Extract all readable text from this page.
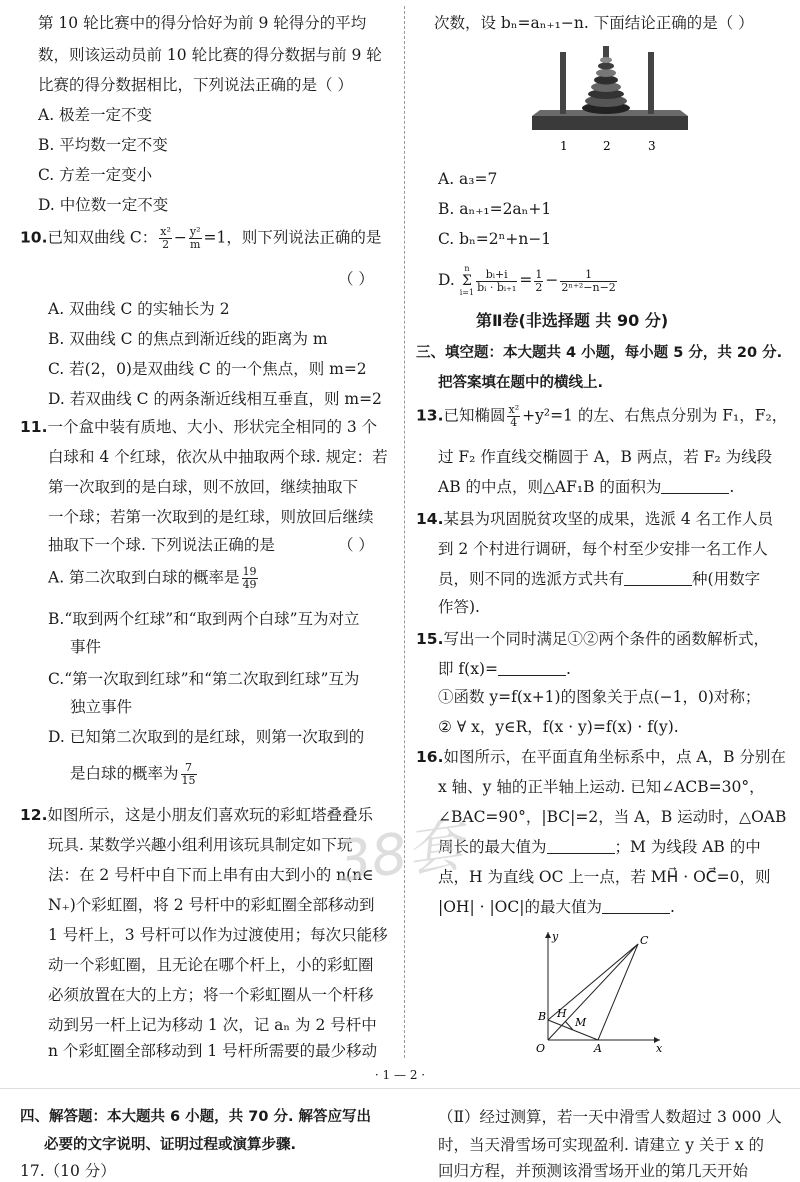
第 10 轮比赛中的得分恰好为前 9 轮得分的平均
数，则该运动员前 10 轮比赛的得分数据与前 9 轮
比赛的得分数据相比，下列说法正确的是（ ）
A. 极差一定不变
B. 平均数一定不变
C. 方差一定变小
D. 中位数一定不变
10.已知双曲线 C： $\frac{\text{x²}}{2} - \frac{\text{y²}}{m} =1$，则下列说法正确的是
（ ）
A. 双曲线 C 的实轴长为 2
B. 双曲线 C 的焦点到渐近线的距离为 m
C. 若(2，0)是双曲线 C 的一个焦点，则 m=2
D. 若双曲线 C 的两条渐近线相互垂直，则 m=2
11.一个盒中装有质地、大小、形状完全相同的 3 个
白球和 4 个红球，依次从中抽取两个球. 规定：若
第一次取到的是白球，则不放回，继续抽取下
一个球；若第一次取到的是红球，则放回后继续
抽取下一个球. 下列说法正确的是	（ ）
A. 第二次取到白球的概率是 $\frac{19}{49}$
B.“取到两个红球”和“取到两个白球”互为对立
事件
C.“第一次取到红球”和“第二次取到红球”互为
独立事件
D. 已知第二次取到的是红球，则第一次取到的
是白球的概率为 $\frac{7}{15}$
12.如图所示，这是小朋友们喜欢玩的彩虹塔叠叠乐
玩具. 某数学兴趣小组利用该玩具制定如下玩
法：在 2 号杆中自下而上串有由大到小的 n(n∈
N₊)个彩虹圈，将 2 号杆中的彩虹圈全部移动到
1 号杆上，3 号杆可以作为过渡使用；每次只能移
动一个彩虹圈，且无论在哪个杆上，小的彩虹圈
必须放置在大的上方；将一个彩虹圈从一个杆移
动到另一杆上记为移动 1 次，记 aₙ 为 2 号杆中
n 个彩虹圈全部移动到 1 号杆所需要的最少移动
次数，设 bₙ=aₙ₊₁−n. 下面结论正确的是（ ）
1	2	3
A. a₃=7
B. aₙ₊₁=2aₙ+1
C. bₙ=2ⁿ+n−1
D.
n
Σ
$i=1 \frac{\text{bᵢ+i}}{\text{bᵢ · bᵢ₊₁}} = \frac{1}{2} - \frac{1}{\text{2ⁿ⁺²−n−2}}$
第Ⅱ卷(非选择题 共 90 分)
三、填空题：本大题共 4 小题，每小题 5 分，共 20 分.
把答案填在题中的横线上.
13.已知椭圆 $\frac{\text{x²}}{4} +y^2=1$ 的左、右焦点分别为 F₁，F₂，
过 F₂ 作直线交椭圆于 A，B 两点，若 F₂ 为线段
AB 的中点，则△AF₁B 的面积为	.
14.某县为巩固脱贫攻坚的成果，选派 4 名工作人员
到 2 个村进行调研，每个村至少安排一名工作人
员，则不同的选派方式共有	种(用数字
作答).
15.写出一个同时满足①②两个条件的函数解析式，
即 f(x)=	.
①函数 y=f(x+1)的图象关于点(−1，0)对称；
② ∀ x，y∈R，f(x · y)=f(x) · f(y).
16.如图所示，在平面直角坐标系中，点 A，B 分别在
x 轴、y 轴的正半轴上运动. 已知∠ACB=30°，
∠BAC=90°，|BC|=2，当 A，B 运动时，△OAB
周长的最大值为	；M 为线段 AB 的中
点，H 为直线 OC 上一点，若 MH⃗ · OC⃗=0，则
|OH| · |OC|的最大值为	.
y
x
O	A
B
C
H
M
38套
· 1 — 2 ·
四、解答题：本大题共 6 小题，共 70 分. 解答应写出
必要的文字说明、证明过程或演算步骤.
17.（10 分）
（Ⅱ）经过测算，若一天中滑雪人数超过 3 000 人
时，当天滑雪场可实现盈利. 请建立 y 关于 x 的
回归方程，并预测该滑雪场开业的第几天开始
